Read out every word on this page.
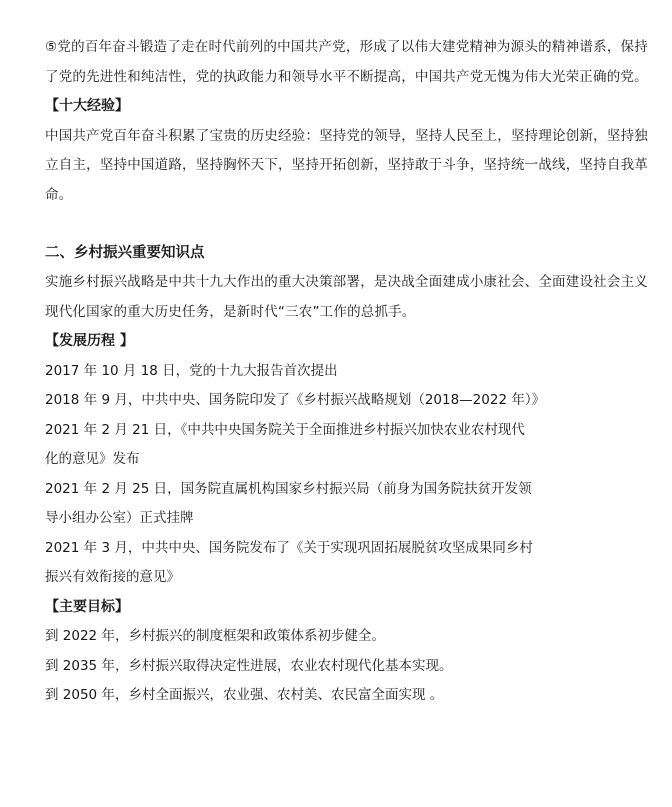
⑤党的百年奋斗锻造了走在时代前列的中国共产党，形成了以伟大建党精神为源头的精神谱系，保持了党的先进性和纯洁性，党的执政能力和领导水平不断提高，中国共产党无愧为伟大光荣正确的党。

【十大经验】

中国共产党百年奋斗积累了宝贵的历史经验：坚持党的领导，坚持人民至上，坚持理论创新，坚持独立自主，坚持中国道路，坚持胸怀天下，坚持开拓创新，坚持敢于斗争，坚持统一战线，坚持自我革命。

二、乡村振兴重要知识点

实施乡村振兴战略是中共十九大作出的重大决策部署，是决战全面建成小康社会、全面建设社会主义现代化国家的重大历史任务，是新时代“三农”工作的总抓手。

【发展历程 】

2017 年 10 月 18 日，党的十九大报告首次提出

2018 年 9 月，中共中央、国务院印发了《乡村振兴战略规划（2018—2022 年）》

2021 年 2 月 21 日，《中共中央国务院关于全面推进乡村振兴加快农业农村现代

化的意见》发布

2021 年 2 月 25 日，国务院直属机构国家乡村振兴局（前身为国务院扶贫开发领

导小组办公室）正式挂牌

2021 年 3 月，中共中央、国务院发布了《关于实现巩固拓展脱贫攻坚成果同乡村

振兴有效衔接的意见》

【主要目标】

到 2022 年，乡村振兴的制度框架和政策体系初步健全。

到 2035 年，乡村振兴取得决定性进展，农业农村现代化基本实现。

到 2050 年，乡村全面振兴，农业强、农村美、农民富全面实现 。
